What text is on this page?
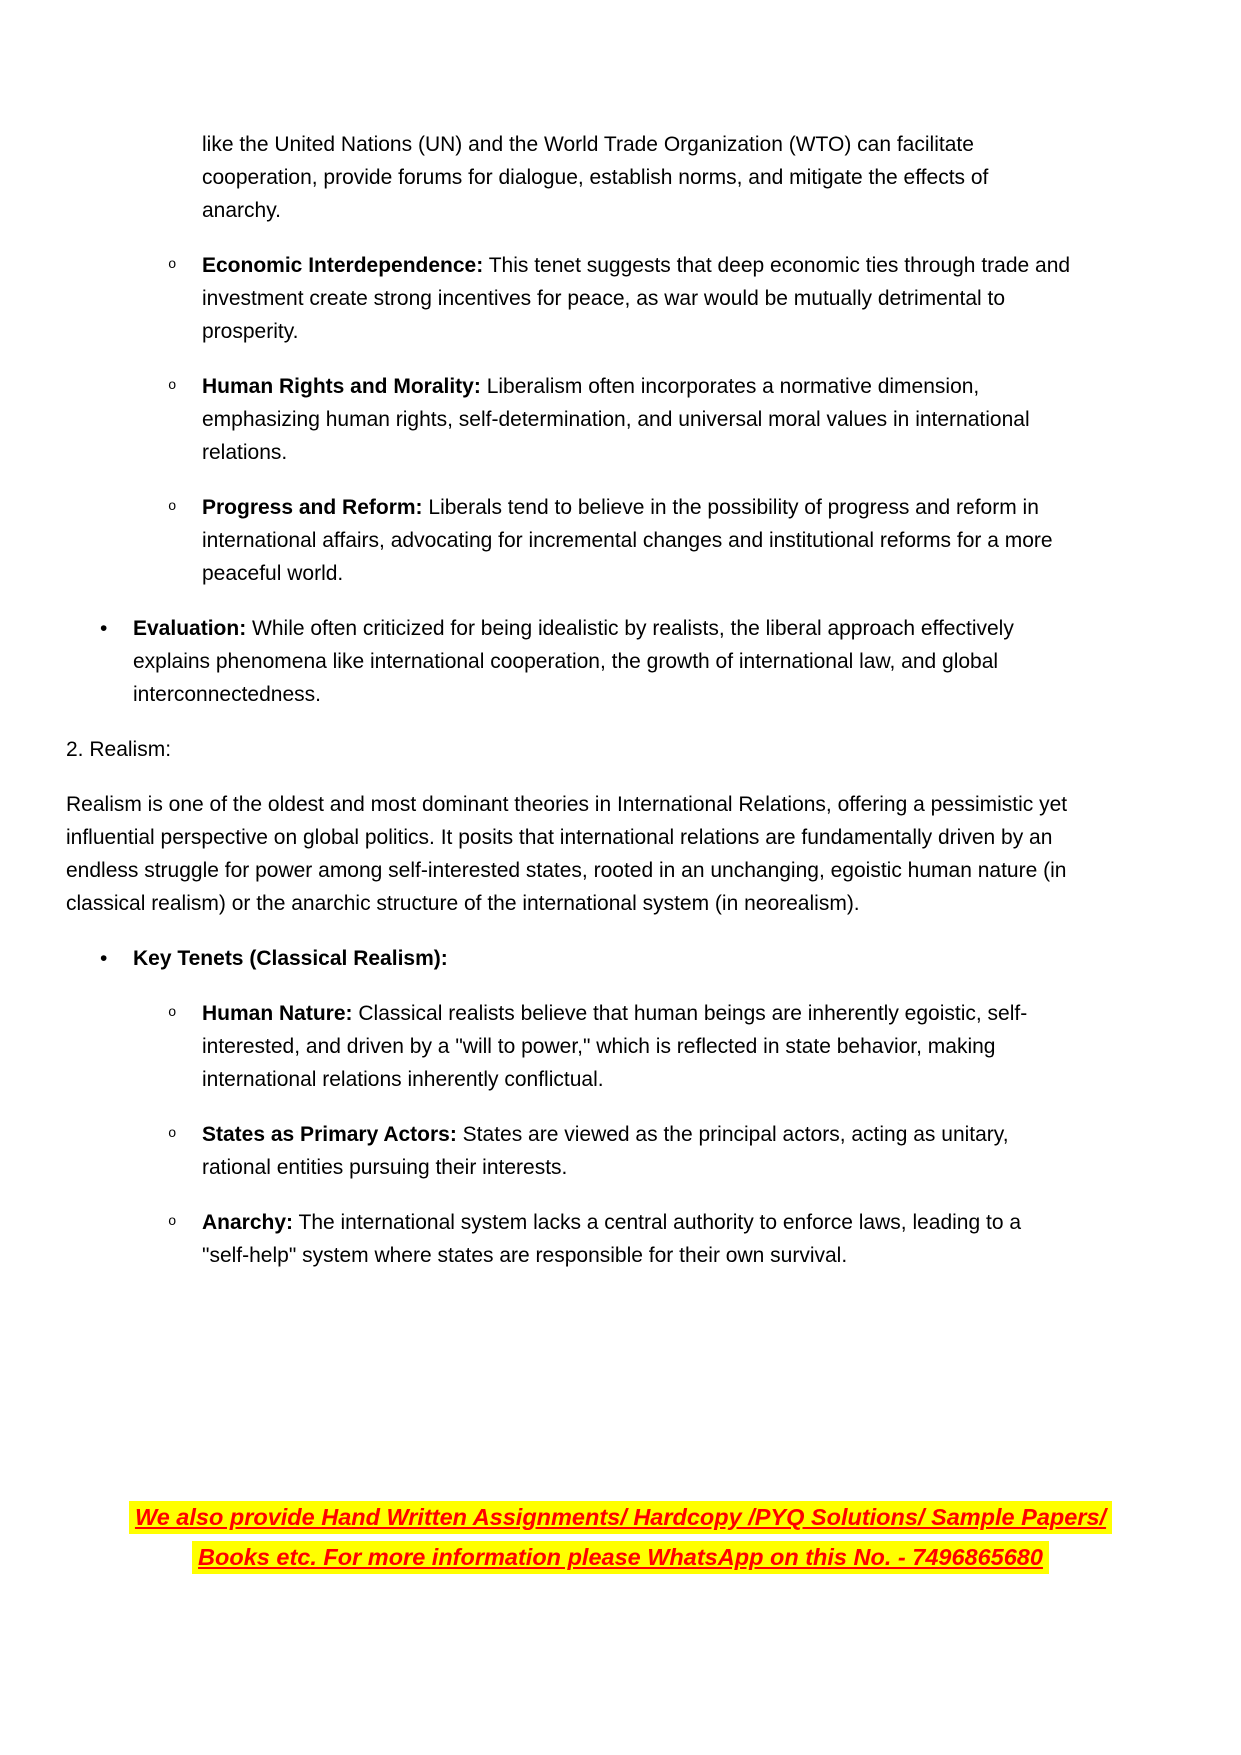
like the United Nations (UN) and the World Trade Organization (WTO) can facilitate cooperation, provide forums for dialogue, establish norms, and mitigate the effects of anarchy.

o	Economic Interdependence: This tenet suggests that deep economic ties through trade and investment create strong incentives for peace, as war would be mutually detrimental to prosperity.

o	Human Rights and Morality: Liberalism often incorporates a normative dimension, emphasizing human rights, self-determination, and universal moral values in international relations.

o	Progress and Reform: Liberals tend to believe in the possibility of progress and reform in international affairs, advocating for incremental changes and institutional reforms for a more peaceful world.

•	Evaluation: While often criticized for being idealistic by realists, the liberal approach effectively explains phenomena like international cooperation, the growth of international law, and global interconnectedness.

2. Realism:

Realism is one of the oldest and most dominant theories in International Relations, offering a pessimistic yet influential perspective on global politics. It posits that international relations are fundamentally driven by an endless struggle for power among self-interested states, rooted in an unchanging, egoistic human nature (in classical realism) or the anarchic structure of the international system (in neorealism).

•	Key Tenets (Classical Realism):

o	Human Nature: Classical realists believe that human beings are inherently egoistic, self-interested, and driven by a "will to power," which is reflected in state behavior, making international relations inherently conflictual.

o	States as Primary Actors: States are viewed as the principal actors, acting as unitary, rational entities pursuing their interests.

o	Anarchy: The international system lacks a central authority to enforce laws, leading to a "self-help" system where states are responsible for their own survival.

We also provide Hand Written Assignments/ Hardcopy /PYQ Solutions/ Sample Papers/
Books etc. For more information please WhatsApp on this No. - 7496865680
